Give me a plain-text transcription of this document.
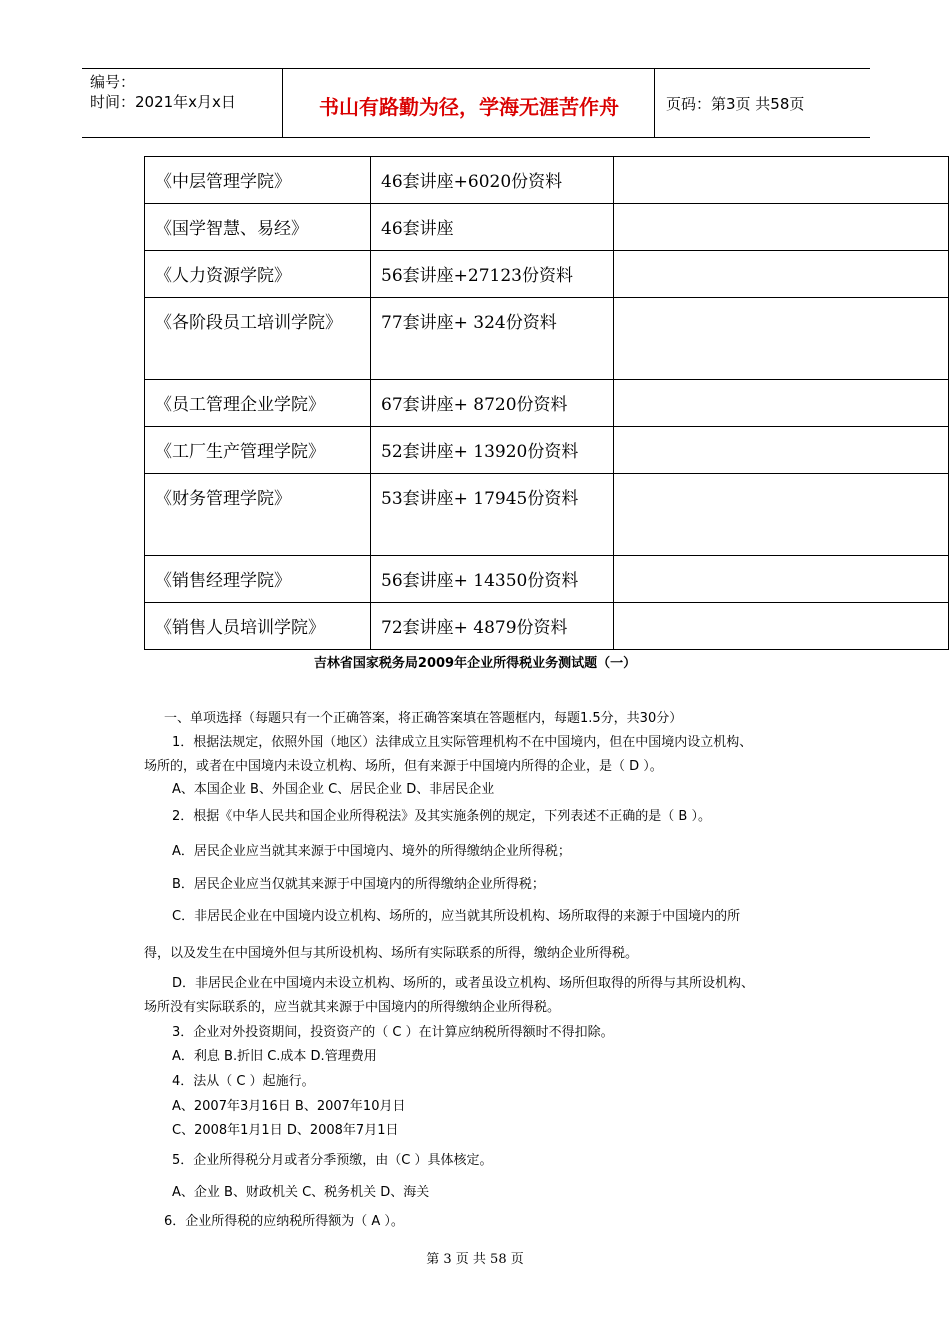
编号：
时间：2021年x月x日	书山有路勤为径，学海无涯苦作舟	页码：第3页 共58页
《中层管理学院》	46套讲座+6020份资料	
《国学智慧、易经》	46套讲座	
《人力资源学院》	56套讲座+27123份资料	
《各阶段员工培训学院》	77套讲座+ 324份资料	
《员工管理企业学院》	67套讲座+ 8720份资料	
《工厂生产管理学院》	52套讲座+ 13920份资料	
《财务管理学院》	53套讲座+ 17945份资料	
《销售经理学院》	56套讲座+ 14350份资料	
《销售人员培训学院》	72套讲座+ 4879份资料	
吉林省国家税务局2009年企业所得税业务测试题（一）
一、单项选择（每题只有一个正确答案，将正确答案填在答题框内，每题1.5分，共30分）
1．根据法规定，依照外国（地区）法律成立且实际管理机构不在中国境内，但在中国境内设立机构、
场所的，或者在中国境内未设立机构、场所，但有来源于中国境内所得的企业，是（ D ）。
A、本国企业 B、外国企业 C、居民企业 D、非居民企业
2．根据《中华人民共和国企业所得税法》及其实施条例的规定，下列表述不正确的是（ B ）。
A．居民企业应当就其来源于中国境内、境外的所得缴纳企业所得税；
B．居民企业应当仅就其来源于中国境内的所得缴纳企业所得税；
C．非居民企业在中国境内设立机构、场所的，应当就其所设机构、场所取得的来源于中国境内的所
得，以及发生在中国境外但与其所设机构、场所有实际联系的所得，缴纳企业所得税。
D．非居民企业在中国境内未设立机构、场所的，或者虽设立机构、场所但取得的所得与其所设机构、
场所没有实际联系的，应当就其来源于中国境内的所得缴纳企业所得税。
3．企业对外投资期间，投资资产的（ C ）在计算应纳税所得额时不得扣除。
A．利息 B.折旧 C.成本 D.管理费用
4．法从（ C ）起施行。
A、2007年3月16日 B、2007年10月日
C、2008年1月1日 D、2008年7月1日
5．企业所得税分月或者分季预缴，由（C ）具体核定。
A、企业 B、财政机关 C、税务机关 D、海关
6．企业所得税的应纳税所得额为（ A ）。
第 3 页 共 58 页
